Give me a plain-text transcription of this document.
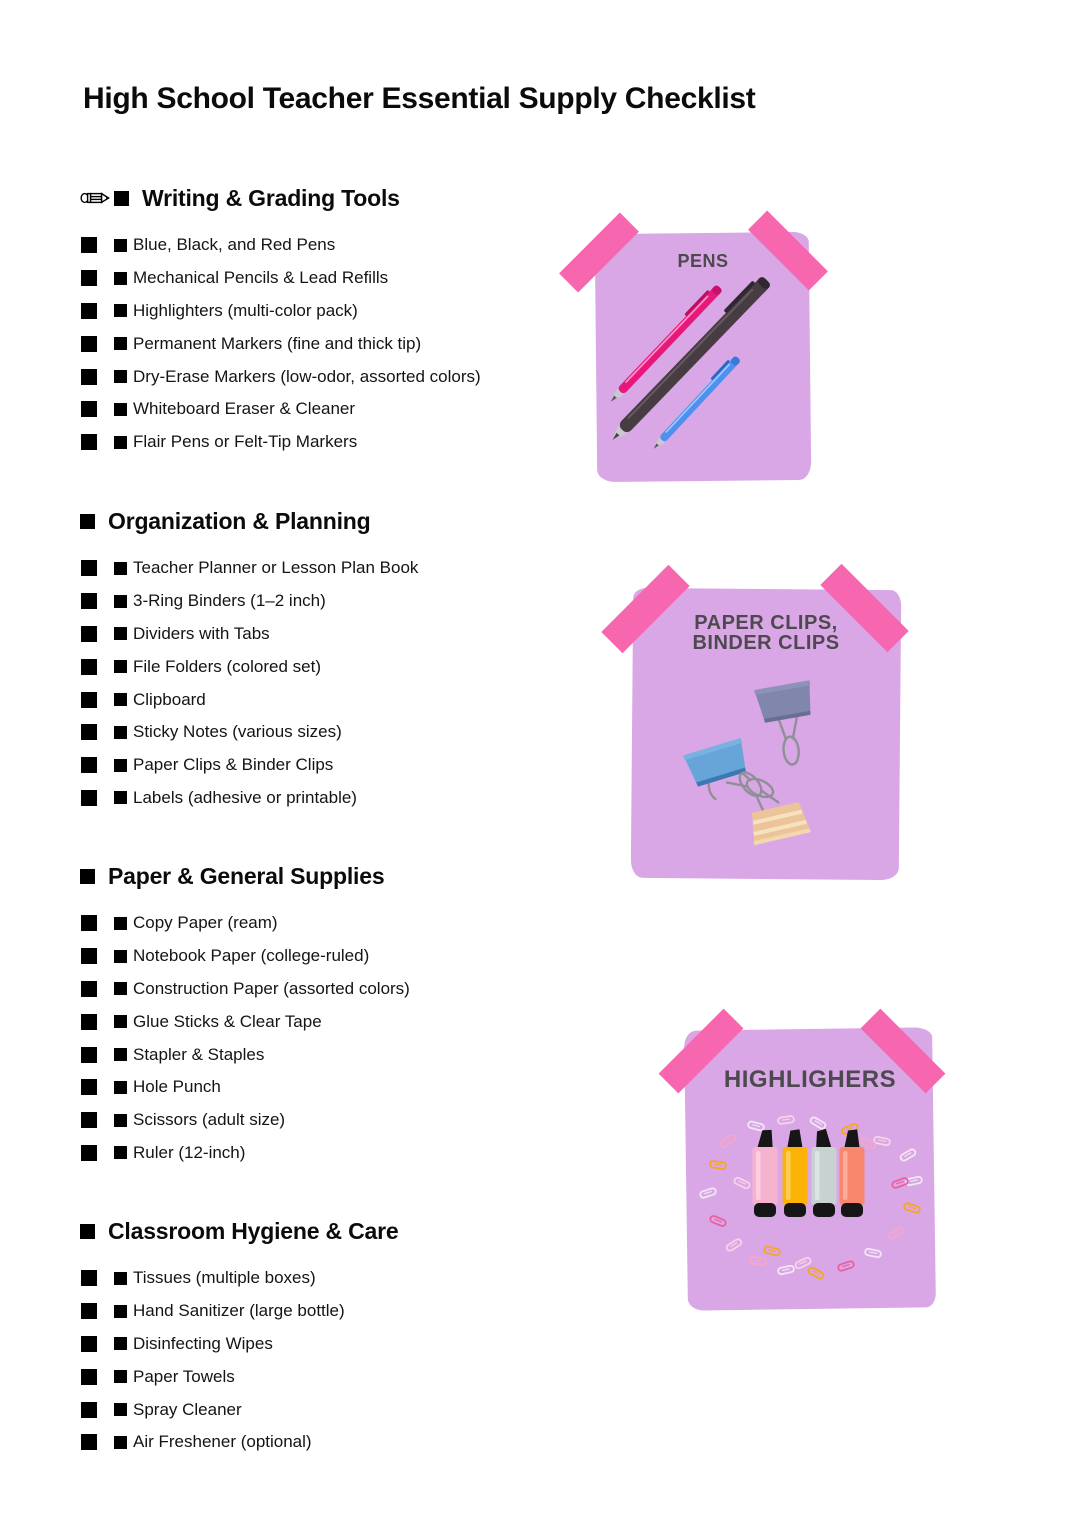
High School Teacher Essential Supply Checklist
Writing & Grading Tools
Blue, Black, and Red Pens
Mechanical Pencils & Lead Refills
Highlighters (multi-color pack)
Permanent Markers (fine and thick tip)
Dry-Erase Markers (low-odor, assorted colors)
Whiteboard Eraser & Cleaner
Flair Pens or Felt-Tip Markers
Organization & Planning
Teacher Planner or Lesson Plan Book
3-Ring Binders (1–2 inch)
Dividers with Tabs
File Folders (colored set)
Clipboard
Sticky Notes (various sizes)
Paper Clips & Binder Clips
Labels (adhesive or printable)
Paper & General Supplies
Copy Paper (ream)
Notebook Paper (college-ruled)
Construction Paper (assorted colors)
Glue Sticks & Clear Tape
Stapler & Staples
Hole Punch
Scissors (adult size)
Ruler (12-inch)
Classroom Hygiene & Care
Tissues (multiple boxes)
Hand Sanitizer (large bottle)
Disinfecting Wipes
Paper Towels
Spray Cleaner
Air Freshener (optional)
PENS
PAPER CLIPS,
BINDER CLIPS
HIGHLIGHERS
